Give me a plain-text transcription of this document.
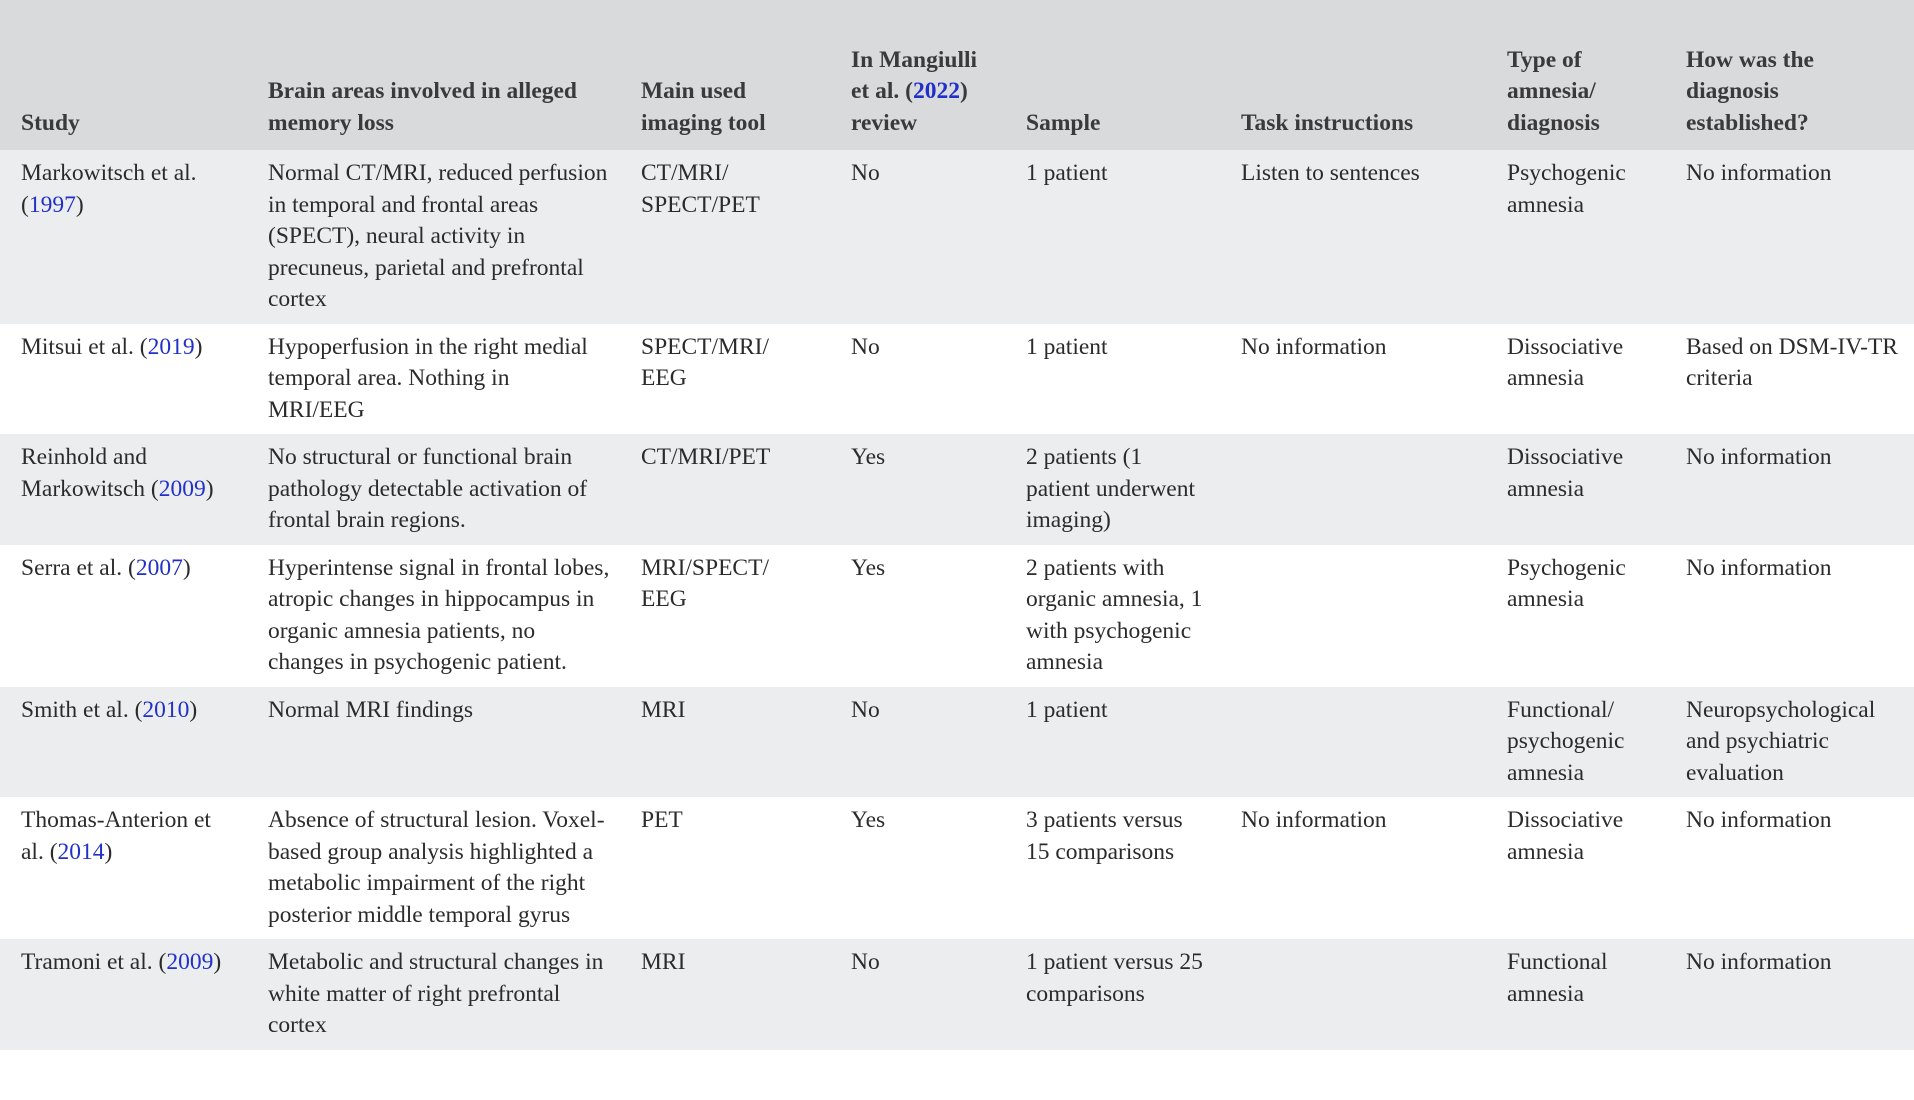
Study	Brain areas involved in alleged memory loss	Main used imaging tool	In Mangiulli et al. (2022) review	Sample	Task instructions	Type of amnesia/ diagnosis	How was the diagnosis established?
Markowitsch et al. (1997)	Normal CT/MRI, reduced perfusion in temporal and frontal areas (SPECT), neural activity in precuneus, parietal and prefrontal cortex	CT/MRI/ SPECT/PET	No	1 patient	Listen to sentences	Psychogenic amnesia	No information
Mitsui et al. (2019)	Hypoperfusion in the right medial temporal area. Nothing in MRI/EEG	SPECT/MRI/ EEG	No	1 patient	No information	Dissociative amnesia	Based on DSM-IV-TR criteria
Reinhold and Markowitsch (2009)	No structural or functional brain pathology detectable activation of frontal brain regions.	CT/MRI/PET	Yes	2 patients (1 patient underwent imaging)		Dissociative amnesia	No information
Serra et al. (2007)	Hyperintense signal in frontal lobes, atropic changes in hippocampus in organic amnesia patients, no changes in psychogenic patient.	MRI/SPECT/ EEG	Yes	2 patients with organic amnesia, 1 with psychogenic amnesia		Psychogenic amnesia	No information
Smith et al. (2010)	Normal MRI findings	MRI	No	1 patient		Functional/ psychogenic amnesia	Neuropsychological and psychiatric evaluation
Thomas-Anterion et al. (2014)	Absence of structural lesion. Voxel-based group analysis highlighted a metabolic impairment of the right posterior middle temporal gyrus	PET	Yes	3 patients versus 15 comparisons	No information	Dissociative amnesia	No information
Tramoni et al. (2009)	Metabolic and structural changes in white matter of right prefrontal cortex	MRI	No	1 patient versus 25 comparisons		Functional amnesia	No information
